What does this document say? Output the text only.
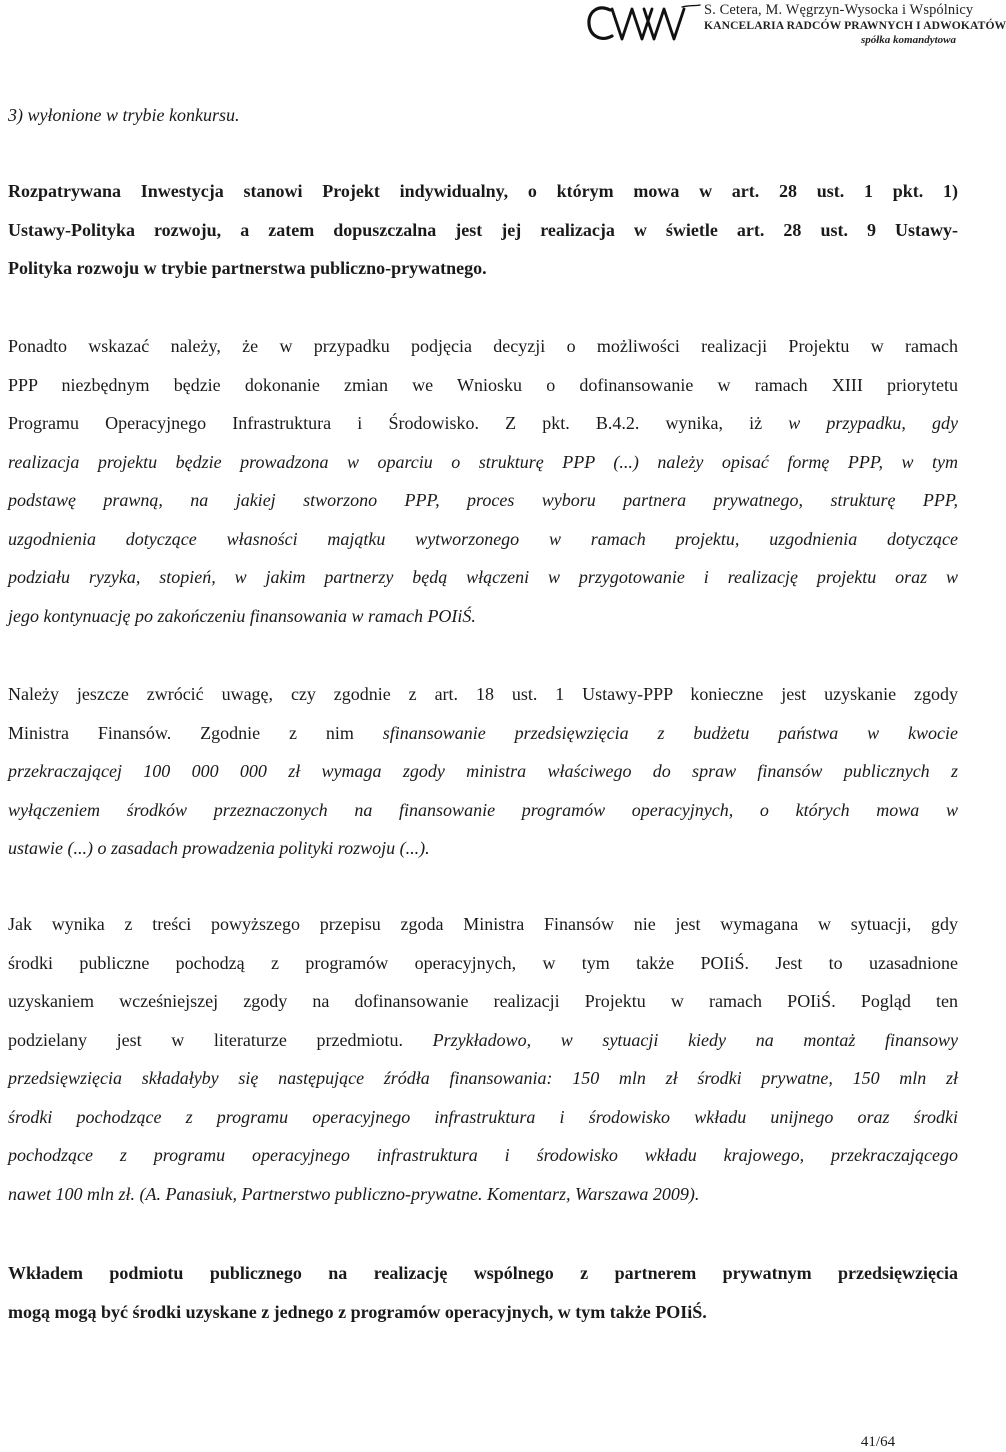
S. Cetera, M. Węgrzyn-Wysocka i Wspólnicy
KANCELARIA RADCÓW PRAWNYCH I ADWOKATÓW
spółka komandytowa
3) wyłonione w trybie konkursu.
Rozpatrywana Inwestycja stanowi Projekt indywidualny, o którym mowa w art. 28 ust. 1 pkt. 1)
Ustawy-Polityka rozwoju, a zatem dopuszczalna jest jej realizacja w świetle art. 28 ust. 9 Ustawy-
Polityka rozwoju w trybie partnerstwa publiczno-prywatnego.
Ponadto wskazać należy, że w przypadku podjęcia decyzji o możliwości realizacji Projektu w ramach
PPP niezbędnym będzie dokonanie zmian we Wniosku o dofinansowanie w ramach XIII priorytetu
Programu Operacyjnego Infrastruktura i Środowisko. Z pkt. B.4.2. wynika, iż w przypadku, gdy
realizacja projektu będzie prowadzona w oparciu o strukturę PPP (...) należy opisać formę PPP, w tym
podstawę prawną, na jakiej stworzono PPP, proces wyboru partnera prywatnego, strukturę PPP,
uzgodnienia dotyczące własności majątku wytworzonego w ramach projektu, uzgodnienia dotyczące
podziału ryzyka, stopień, w jakim partnerzy będą włączeni w przygotowanie i realizację projektu oraz w
jego kontynuację po zakończeniu finansowania w ramach POIiŚ.
Należy jeszcze zwrócić uwagę, czy zgodnie z art. 18 ust. 1 Ustawy-PPP konieczne jest uzyskanie zgody
Ministra Finansów. Zgodnie z nim sfinansowanie przedsięwzięcia z budżetu państwa w kwocie
przekraczającej 100 000 000 zł wymaga zgody ministra właściwego do spraw finansów publicznych z
wyłączeniem środków przeznaczonych na finansowanie programów operacyjnych, o których mowa w
ustawie (...) o zasadach prowadzenia polityki rozwoju (...).
Jak wynika z treści powyższego przepisu zgoda Ministra Finansów nie jest wymagana w sytuacji, gdy
środki publiczne pochodzą z programów operacyjnych, w tym także POIiŚ. Jest to uzasadnione
uzyskaniem wcześniejszej zgody na dofinansowanie realizacji Projektu w ramach POIiŚ. Pogląd ten
podzielany jest w literaturze przedmiotu. Przykładowo, w sytuacji kiedy na montaż finansowy
przedsięwzięcia składałyby się następujące źródła finansowania: 150 mln zł środki prywatne, 150 mln zł
środki pochodzące z programu operacyjnego infrastruktura i środowisko wkładu unijnego oraz środki
pochodzące z programu operacyjnego infrastruktura i środowisko wkładu krajowego, przekraczającego
nawet 100 mln zł. (A. Panasiuk, Partnerstwo publiczno-prywatne. Komentarz, Warszawa 2009).
Wkładem podmiotu publicznego na realizację wspólnego z partnerem prywatnym przedsięwzięcia
mogą mogą być środki uzyskane z jednego z programów operacyjnych, w tym także POIiŚ.
41/64
